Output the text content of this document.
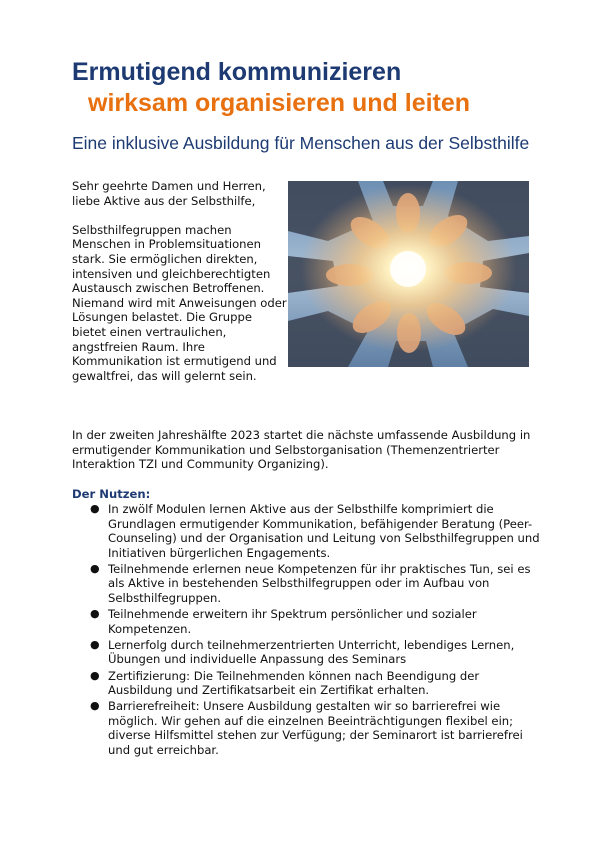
Ermutigend kommunizieren
wirksam organisieren und leiten
Eine inklusive Ausbildung für Menschen aus der Selbsthilfe

Sehr geehrte Damen und Herren,
liebe Aktive aus der Selbsthilfe,

Selbsthilfegruppen machen Menschen in Problemsituationen stark. Sie ermöglichen direkten, intensiven und gleichberechtigten Austausch zwischen Betroffenen. Niemand wird mit Anweisungen oder Lösungen belastet. Die Gruppe bietet einen vertraulichen, angstfreien Raum. Ihre Kommunikation ist ermutigend und gewaltfrei, das will gelernt sein.

In der zweiten Jahreshälfte 2023 startet die nächste umfassende Ausbildung in ermutigender Kommunikation und Selbstorganisation (Themenzentrierter Interaktion TZI und Community Organizing).

Der Nutzen:

● In zwölf Modulen lernen Aktive aus der Selbsthilfe komprimiert die Grundlagen ermutigender Kommunikation, befähigender Beratung (Peer-Counseling) und der Organisation und Leitung von Selbsthilfegruppen und Initiativen bürgerlichen Engagements.
● Teilnehmende erlernen neue Kompetenzen für ihr praktisches Tun, sei es als Aktive in bestehenden Selbsthilfegruppen oder im Aufbau von Selbsthilfegruppen.
● Teilnehmende erweitern ihr Spektrum persönlicher und sozialer Kompetenzen.
● Lernerfolg durch teilnehmerzentrierten Unterricht, lebendiges Lernen, Übungen und individuelle Anpassung des Seminars
● Zertifizierung: Die Teilnehmenden können nach Beendigung der Ausbildung und Zertifikatsarbeit ein Zertifikat erhalten.
● Barrierefreiheit: Unsere Ausbildung gestalten wir so barrierefrei wie möglich. Wir gehen auf die einzelnen Beeinträchtigungen flexibel ein; diverse Hilfsmittel stehen zur Verfügung; der Seminarort ist barrierefrei und gut erreichbar.
